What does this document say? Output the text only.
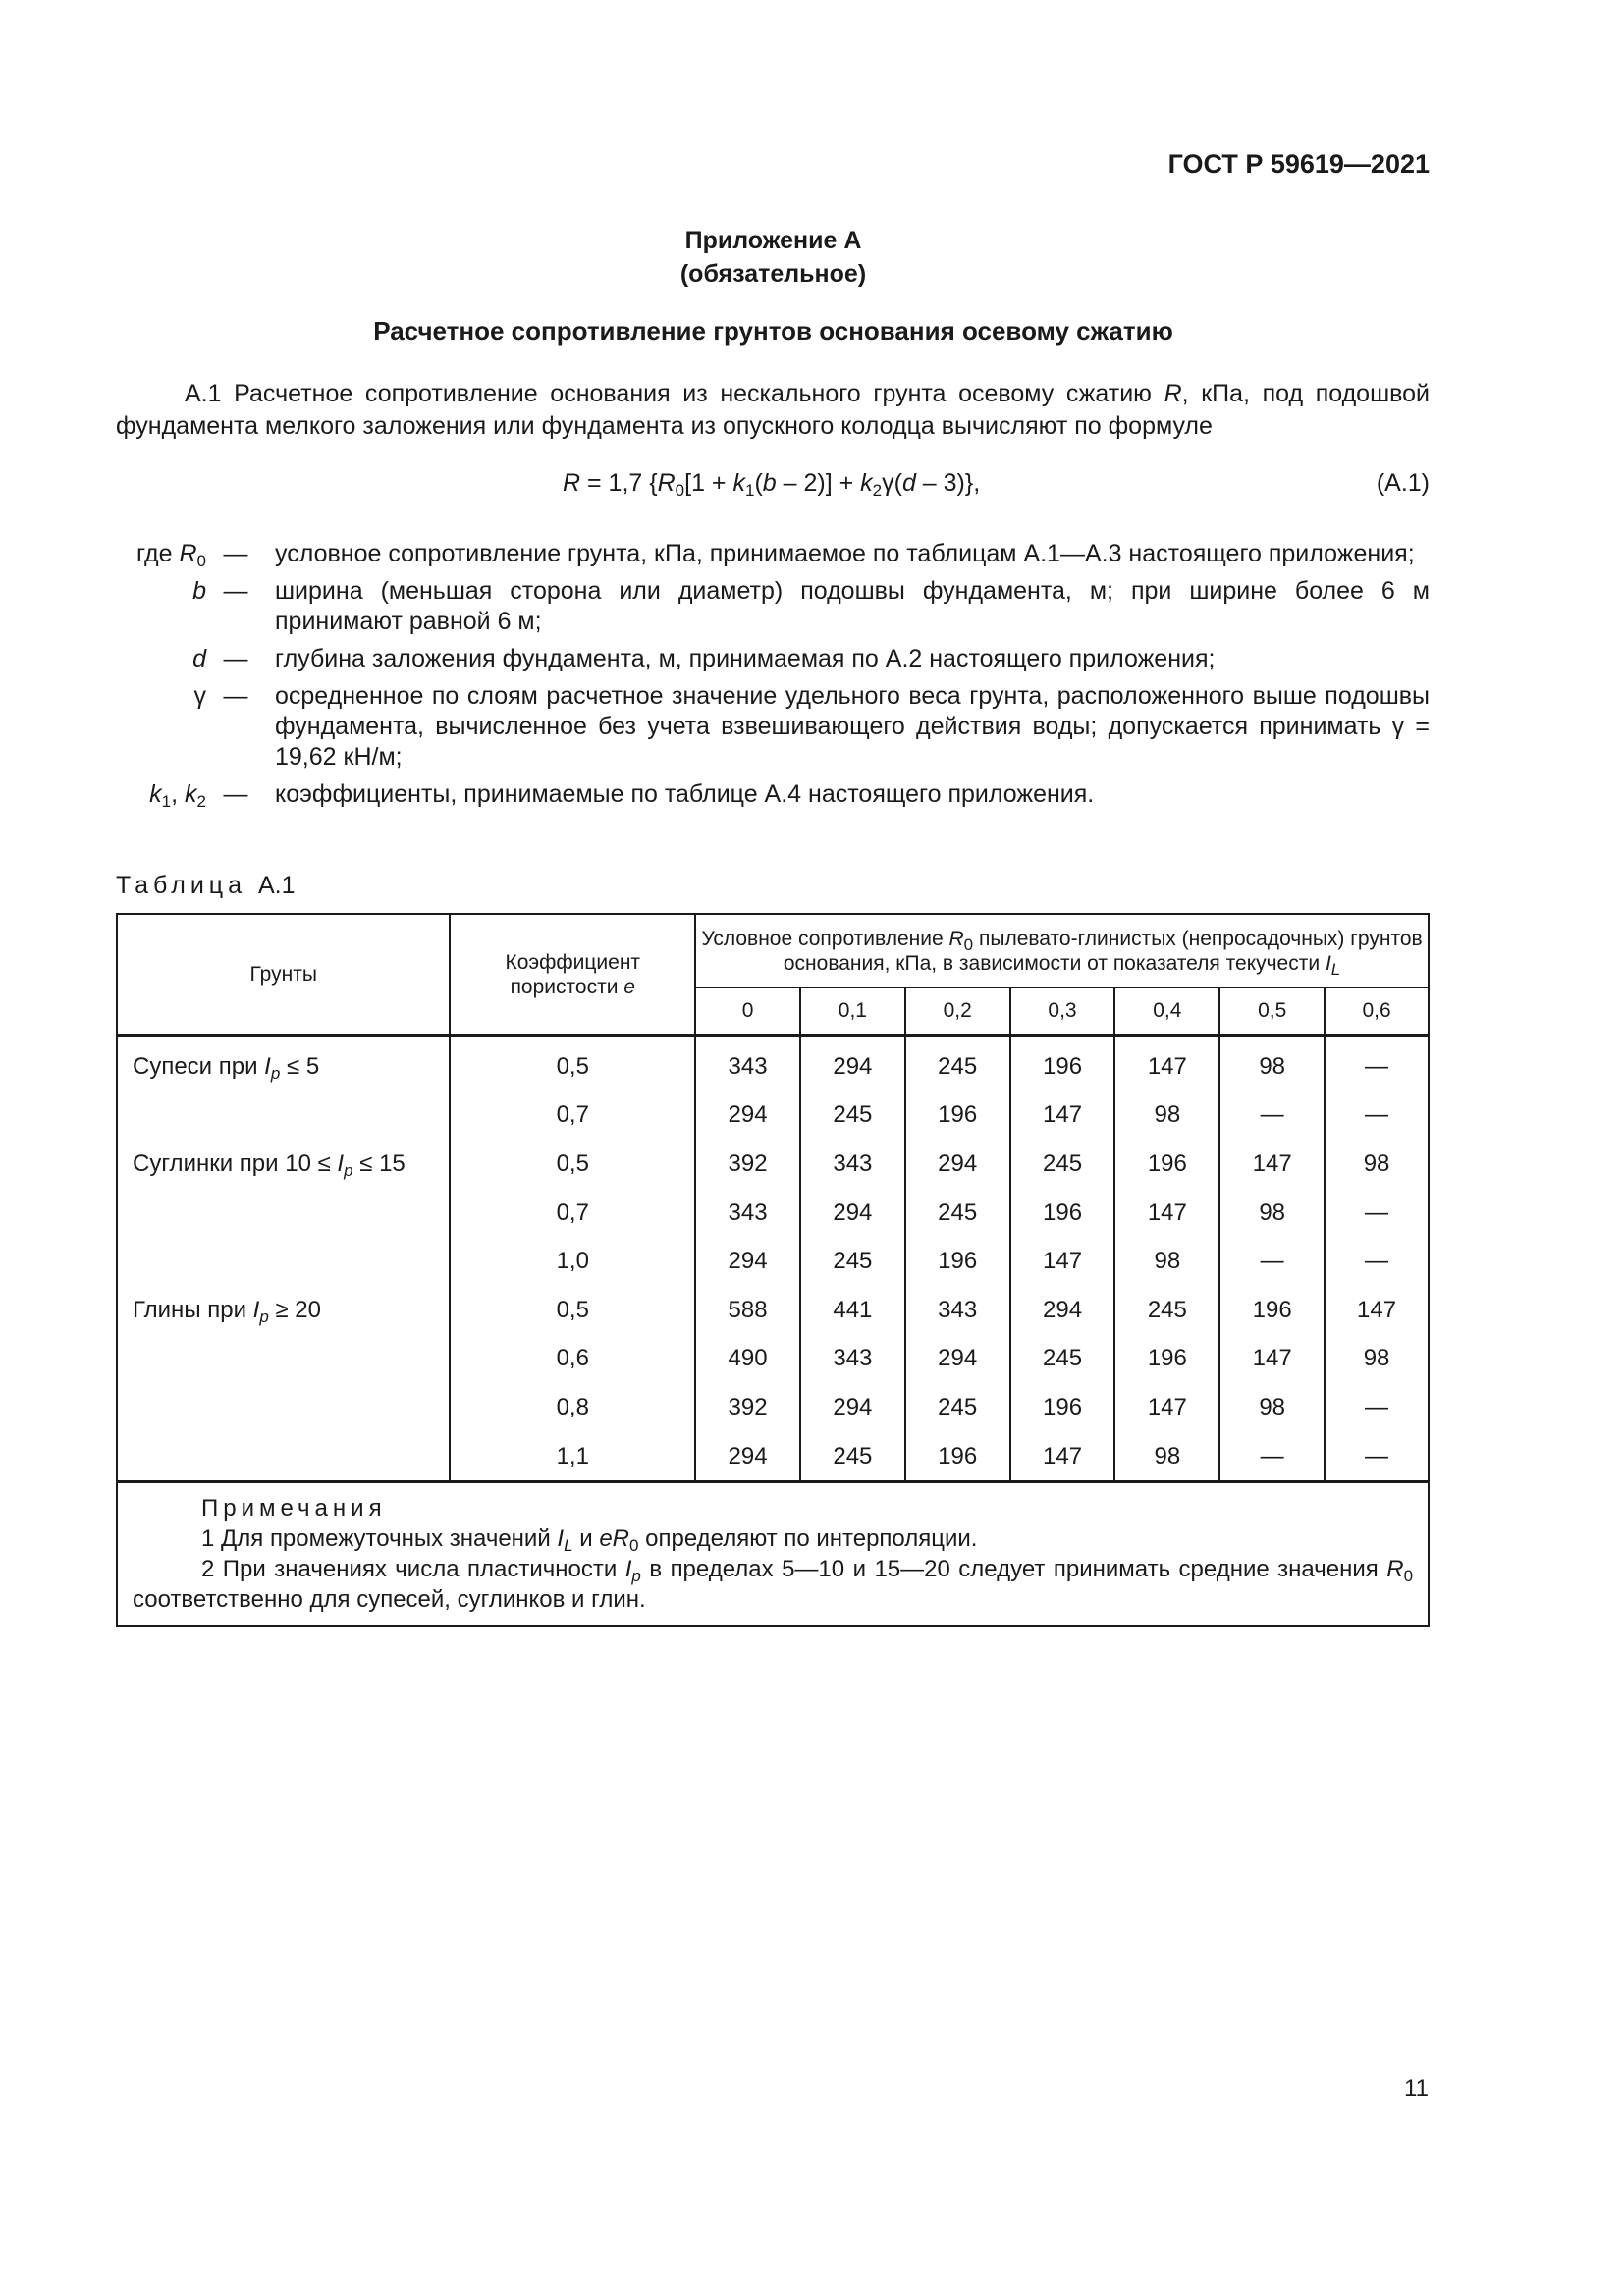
ГОСТ Р 59619—2021
Приложение А
(обязательное)
Расчетное сопротивление грунтов основания осевому сжатию
А.1 Расчетное сопротивление основания из нескального грунта осевому сжатию R, кПа, под подошвой фундамента мелкого заложения или фундамента из опускного колодца вычисляют по формуле
R = 1,7 $\{R_0[1 + k_1(b - 2)] + k_2\gamma(d - 3)\}$,	(А.1)
где $R_0$ —	условное сопротивление грунта, кПа, принимаемое по таблицам А.1—А.3 настоящего приложения;
b —	ширина (меньшая сторона или диаметр) подошвы фундамента, м; при ширине более 6 м принимают равной 6 м;
d —	глубина заложения фундамента, м, принимаемая по А.2 настоящего приложения;
γ —	осредненное по слоям расчетное значение удельного веса грунта, расположенного выше подошвы фундамента, вычисленное без учета взвешивающего действия воды; допускается принимать γ = 19,62 кН/м;
$k_1$, $k_2$ —	коэффициенты, принимаемые по таблице А.4 настоящего приложения.
Таблица А.1
Грунты	Коэффициент пористости e	Условное сопротивление $R_0$ пылевато-глинистых (непросадочных) грунтов основания, кПа, в зависимости от показателя текучести $I_L$
		0	0,1	0,2	0,3	0,4	0,5	0,6
Супеси при $I_p \le 5$	0,5	343	294	245	196	147	98	—
	0,7	294	245	196	147	98	—	—
Суглинки при $10 \le I_p \le 15$	0,5	392	343	294	245	196	147	98
	0,7	343	294	245	196	147	98	—
	1,0	294	245	196	147	98	—	—
Глины при $I_p \ge 20$	0,5	588	441	343	294	245	196	147
	0,6	490	343	294	245	196	147	98
	0,8	392	294	245	196	147	98	—
	1,1	294	245	196	147	98	—	—

Примечания
1 Для промежуточных значений $I_L$ и $eR_0$ определяют по интерполяции.
2 При значениях числа пластичности $I_p$ в пределах 5—10 и 15—20 следует принимать средние значения $R_0$ соответственно для супесей, суглинков и глин.								
11
